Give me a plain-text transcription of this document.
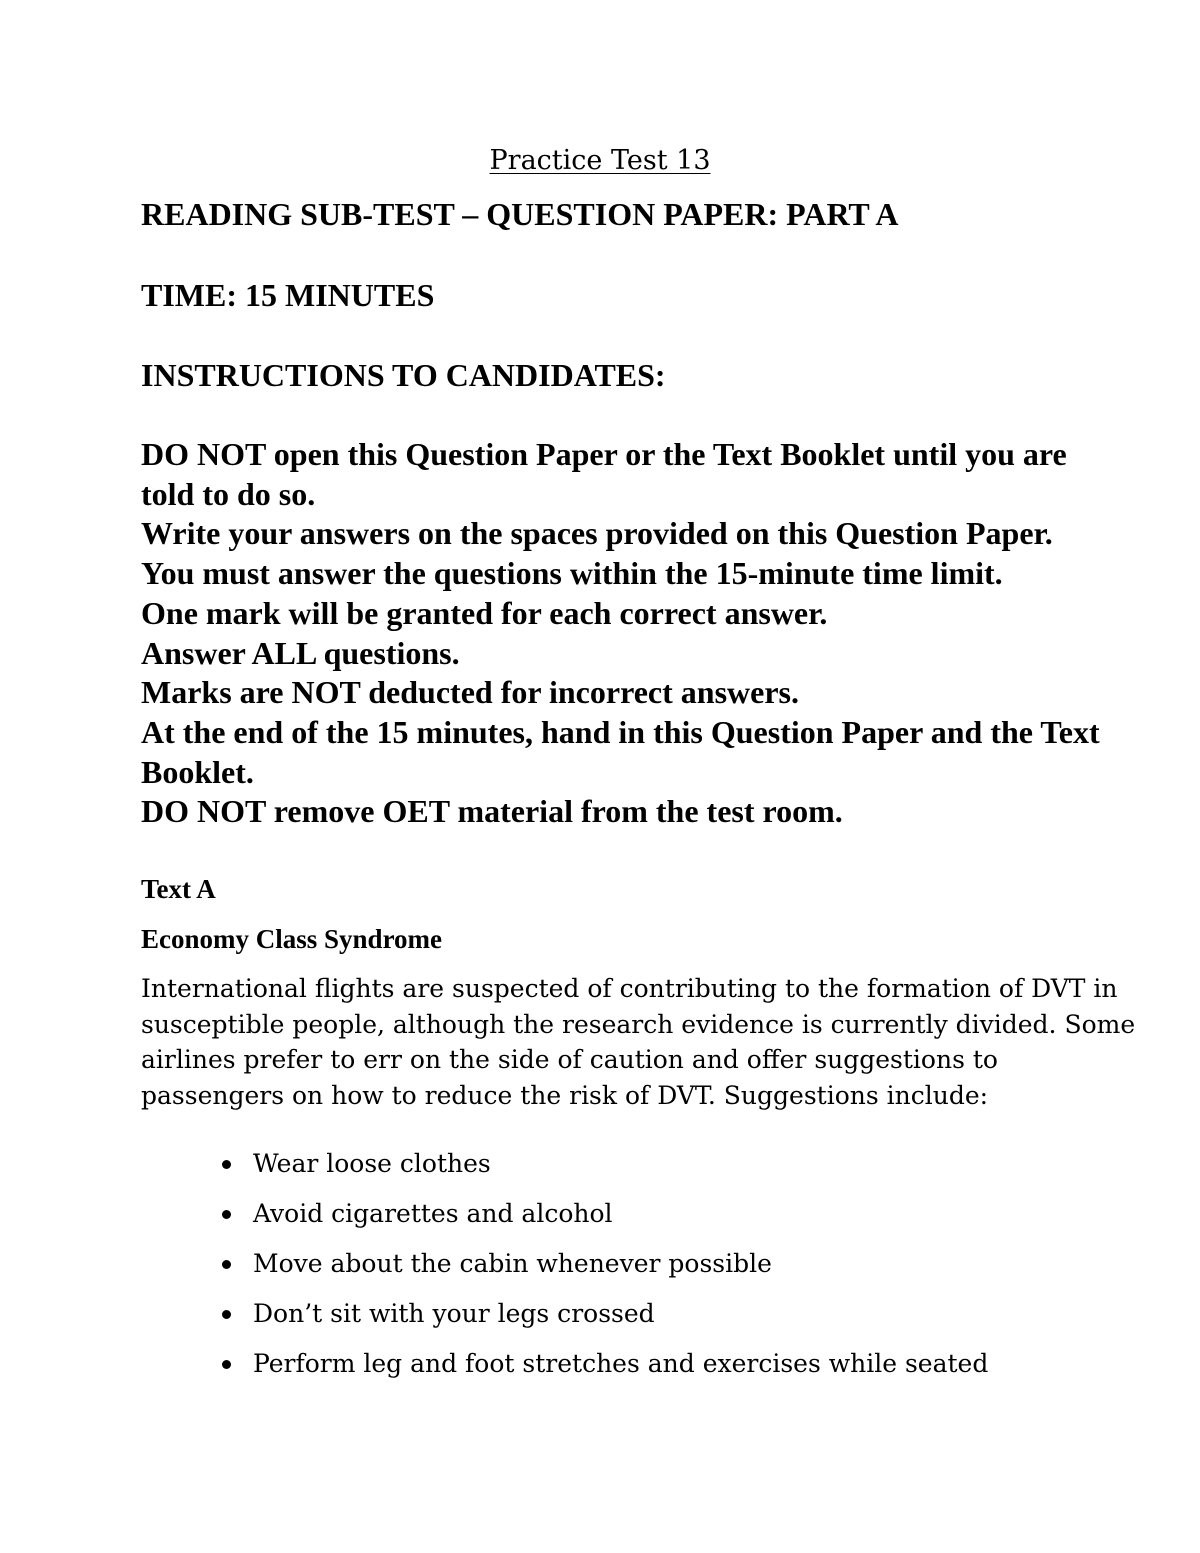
Practice Test 13

READING SUB-TEST – QUESTION PAPER: PART A

TIME: 15 MINUTES

INSTRUCTIONS TO CANDIDATES:

DO NOT open this Question Paper or the Text Booklet until you are told to do so.
Write your answers on the spaces provided on this Question Paper.
You must answer the questions within the 15-minute time limit.
One mark will be granted for each correct answer.
Answer ALL questions.
Marks are NOT deducted for incorrect answers.
At the end of the 15 minutes, hand in this Question Paper and the Text Booklet.
DO NOT remove OET material from the test room.
Text A
Economy Class Syndrome

International flights are suspected of contributing to the formation of DVT in
susceptible people, although the research evidence is currently divided. Some
airlines prefer to err on the side of caution and offer suggestions to
passengers on how to reduce the risk of DVT. Suggestions include:

Wear loose clothes
Avoid cigarettes and alcohol
Move about the cabin whenever possible
Don’t sit with your legs crossed
Perform leg and foot stretches and exercises while seated
